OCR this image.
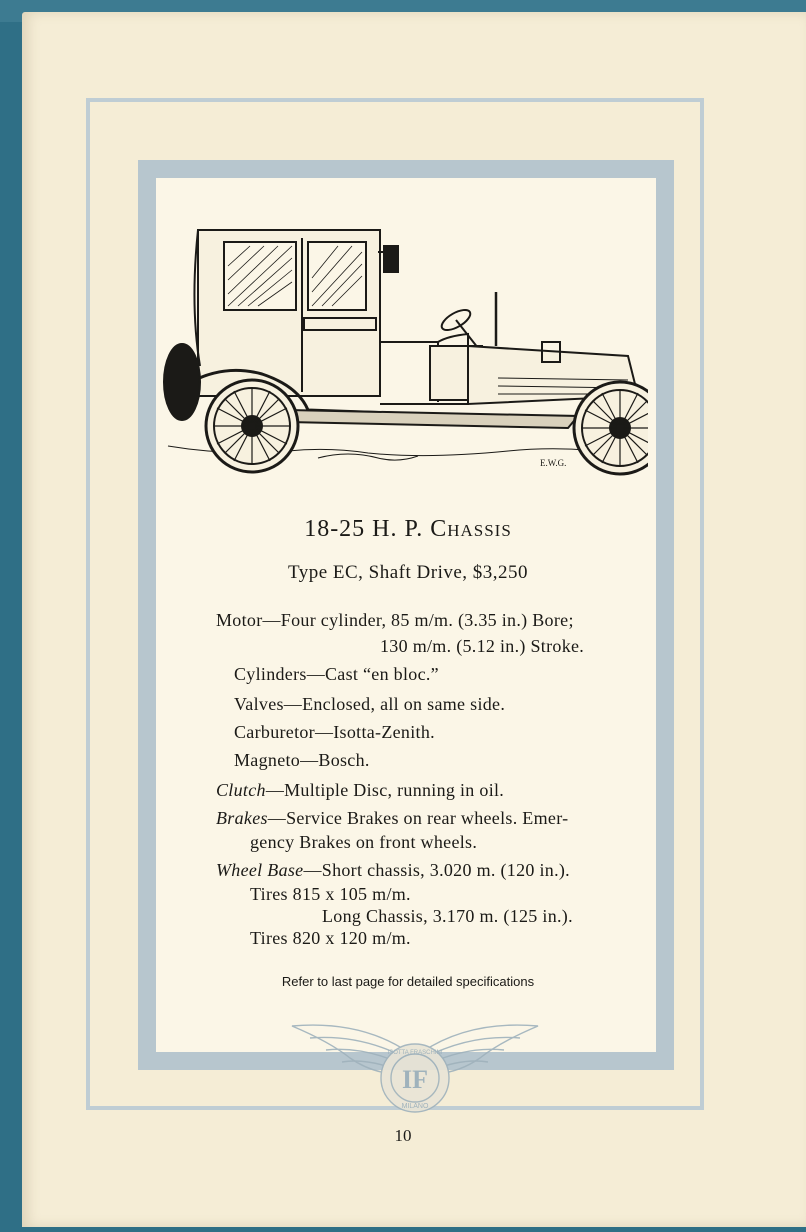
E.W.G.
18-25 H. P. Chassis
Type EC, Shaft Drive, $3,250
Motor—Four cylinder, 85 m/m. (3.35 in.) Bore;
130 m/m. (5.12 in.) Stroke.
Cylinders—Cast “en bloc.”
Valves—Enclosed, all on same side.
Carburetor—Isotta-Zenith.
Magneto—Bosch.
Clutch—Multiple Disc, running in oil.
Brakes—Service Brakes on rear wheels. Emer-
gency Brakes on front wheels.
Wheel Base—Short chassis, 3.020 m. (120 in.).
Tires 815 x 105 m/m.
Long Chassis, 3.170 m. (125 in.).
Tires 820 x 120 m/m.
Refer to last page for detailed specifications
IF
ISOTTA FRASCHINI
MILANO
10
